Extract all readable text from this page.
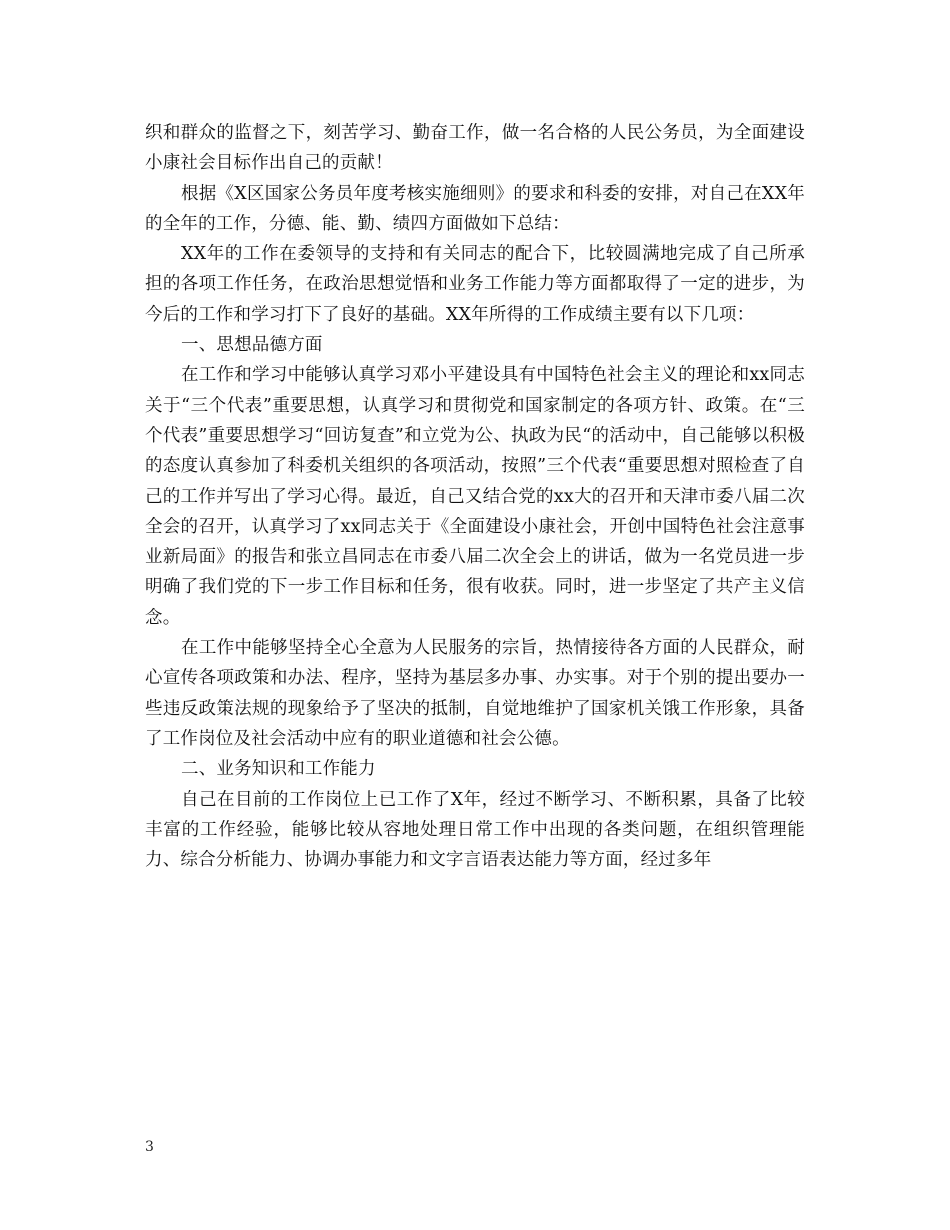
织和群众的监督之下，刻苦学习、勤奋工作，做一名合格的人民公务员，为全面建设小康社会目标作出自己的贡献！

根据《X区国家公务员年度考核实施细则》的要求和科委的安排，对自己在XX年的全年的工作，分德、能、勤、绩四方面做如下总结：

XX年的工作在委领导的支持和有关同志的配合下，比较圆满地完成了自己所承担的各项工作任务，在政治思想觉悟和业务工作能力等方面都取得了一定的进步，为今后的工作和学习打下了良好的基础。XX年所得的工作成绩主要有以下几项：

一、思想品德方面

在工作和学习中能够认真学习邓小平建设具有中国特色社会主义的理论和xx同志关于“三个代表”重要思想，认真学习和贯彻党和国家制定的各项方针、政策。在“三个代表”重要思想学习“回访复查”和立党为公、执政为民“的活动中，自己能够以积极的态度认真参加了科委机关组织的各项活动，按照”三个代表“重要思想对照检查了自己的工作并写出了学习心得。最近，自己又结合党的xx大的召开和天津市委八届二次全会的召开，认真学习了xx同志关于《全面建设小康社会，开创中国特色社会注意事业新局面》的报告和张立昌同志在市委八届二次全会上的讲话，做为一名党员进一步明确了我们党的下一步工作目标和任务，很有收获。同时，进一步坚定了共产主义信念。

在工作中能够坚持全心全意为人民服务的宗旨，热情接待各方面的人民群众，耐心宣传各项政策和办法、程序，坚持为基层多办事、办实事。对于个别的提出要办一些违反政策法规的现象给予了坚决的抵制，自觉地维护了国家机关饿工作形象，具备了工作岗位及社会活动中应有的职业道德和社会公德。

二、业务知识和工作能力

自己在目前的工作岗位上已工作了X年，经过不断学习、不断积累，具备了比较丰富的工作经验，能够比较从容地处理日常工作中出现的各类问题，在组织管理能力、综合分析能力、协调办事能力和文字言语表达能力等方面，经过多年

3
